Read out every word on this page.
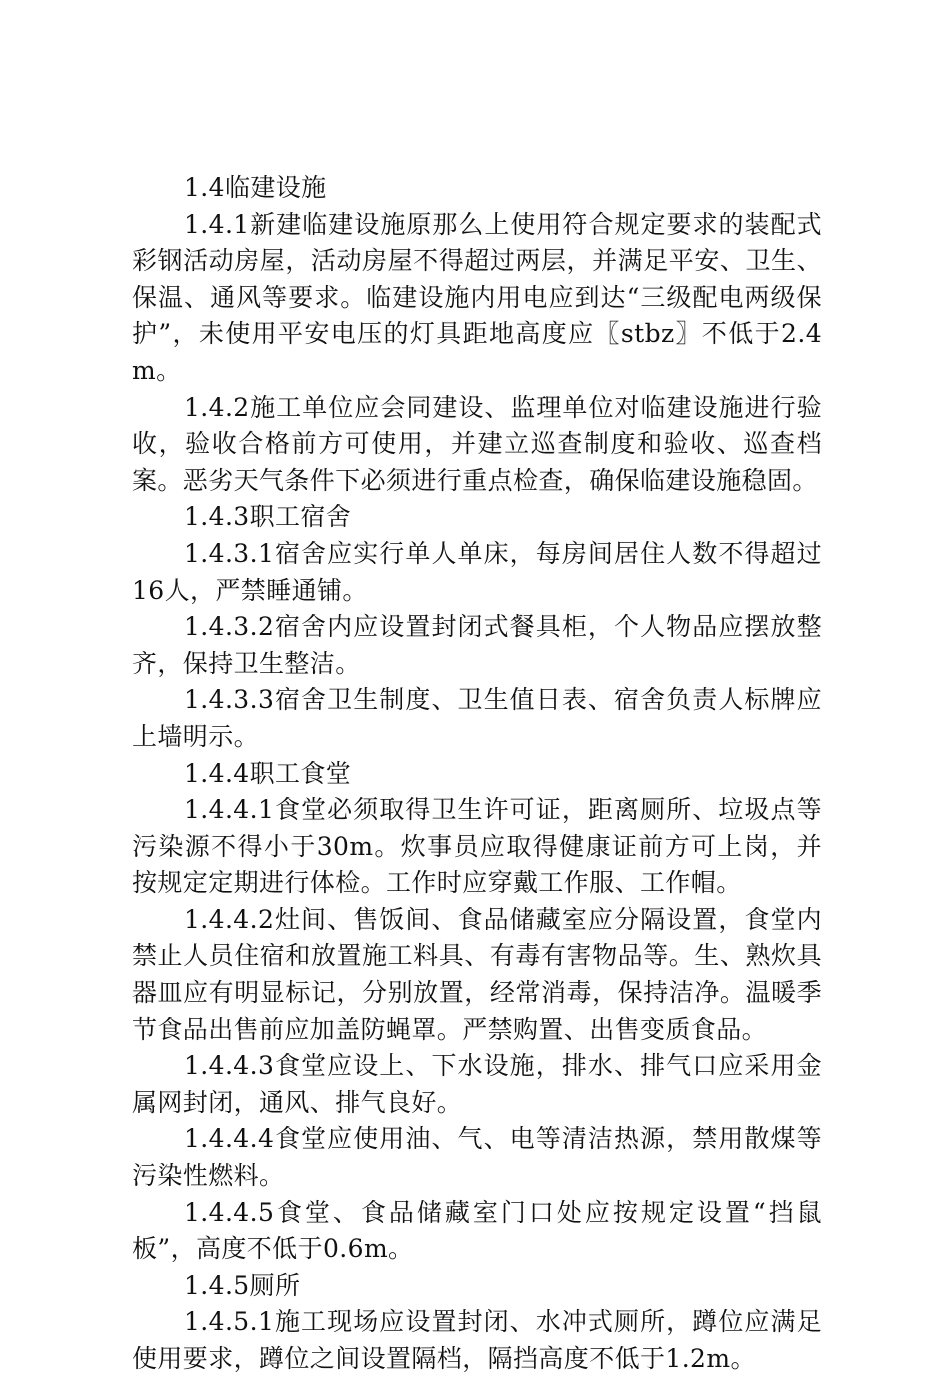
1.4临建设施

1.4.1新建临建设施原那么上使用符合规定要求的装配式彩钢活动房屋，活动房屋不得超过两层，并满足平安、卫生、保温、通风等要求。临建设施内用电应到达“三级配电两级保护”，未使用平安电压的灯具距地高度应〖stbz〗不低于2.4m。

1.4.2施工单位应会同建设、监理单位对临建设施进行验收，验收合格前方可使用，并建立巡查制度和验收、巡查档案。恶劣天气条件下必须进行重点检查，确保临建设施稳固。

1.4.3职工宿舍

1.4.3.1宿舍应实行单人单床，每房间居住人数不得超过16人，严禁睡通铺。

1.4.3.2宿舍内应设置封闭式餐具柜，个人物品应摆放整齐，保持卫生整洁。

1.4.3.3宿舍卫生制度、卫生值日表、宿舍负责人标牌应上墙明示。

1.4.4职工食堂

1.4.4.1食堂必须取得卫生许可证，距离厕所、垃圾点等污染源不得小于30m。炊事员应取得健康证前方可上岗，并按规定定期进行体检。工作时应穿戴工作服、工作帽。

1.4.4.2灶间、售饭间、食品储藏室应分隔设置，食堂内禁止人员住宿和放置施工料具、有毒有害物品等。生、熟炊具器皿应有明显标记，分别放置，经常消毒，保持洁净。温暖季节食品出售前应加盖防蝇罩。严禁购置、出售变质食品。

1.4.4.3食堂应设上、下水设施，排水、排气口应采用金属网封闭，通风、排气良好。

1.4.4.4食堂应使用油、气、电等清洁热源，禁用散煤等污染性燃料。

1.4.4.5食堂、食品储藏室门口处应按规定设置“挡鼠板”，高度不低于0.6m。

1.4.5厕所

1.4.5.1施工现场应设置封闭、水冲式厕所，蹲位应满足使用要求，蹲位之间设置隔档，隔挡高度不低于1.2m。
